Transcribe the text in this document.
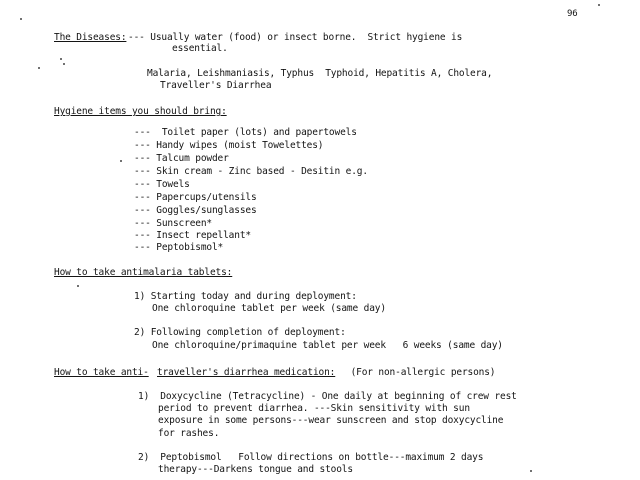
96
The Diseases: --- Usually water (food) or insect borne.  Strict hygiene is
essential.
Malaria, Leishmaniasis, Typhus  Typhoid, Hepatitis A, Cholera,
Traveller's Diarrhea
Hygiene items you should bring:
---  Toilet paper (lots) and papertowels
--- Handy wipes (moist Towelettes)
--- Talcum powder
--- Skin cream - Zinc based - Desitin e.g.
--- Towels
--- Papercups/utensils
--- Goggles/sunglasses
--- Sunscreen*
--- Insect repellant*
--- Peptobismol*
How to take antimalaria tablets:
1) Starting today and during deployment:
One chloroquine tablet per week (same day)
2) Following completion of deployment:
One chloroquine/primaquine tablet per week   6 weeks (same day)
How to take anti- traveller's diarrhea medication: (For non-allergic persons)
1)  Doxycycline (Tetracycline) - One daily at beginning of crew rest
period to prevent diarrhea. ---Skin sensitivity with sun
exposure in some persons---wear sunscreen and stop doxycycline
for rashes.
2)  Peptobismol   Follow directions on bottle---maximum 2 days
therapy---Darkens tongue and stools
